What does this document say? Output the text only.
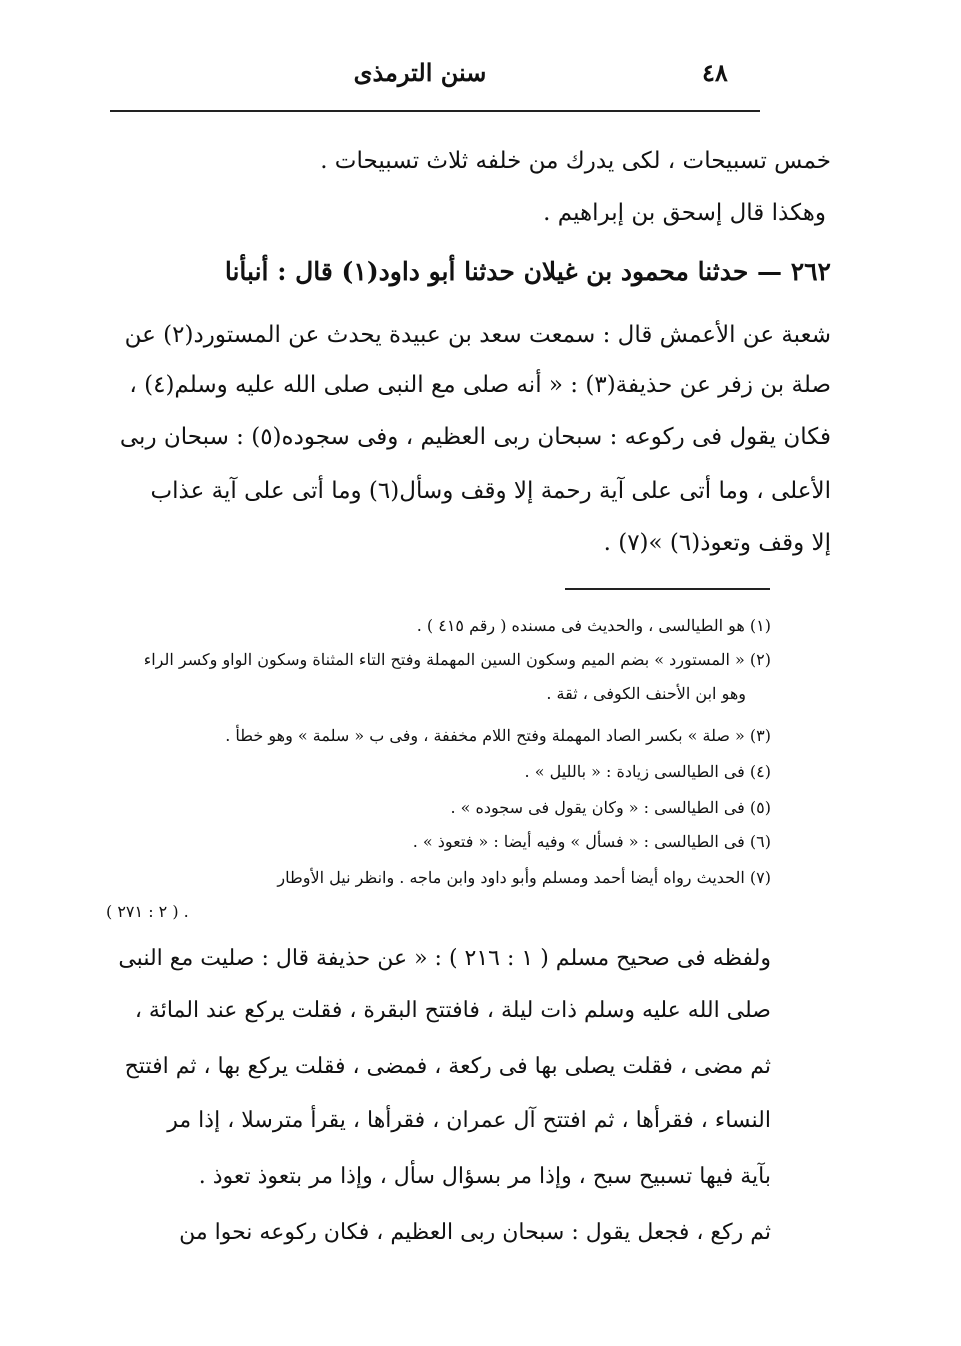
٤٨
سنن الترمذى
خمس تسبيحات ، لكى يدرك من خلفه ثلاث تسبيحات .
وهكذا قال إسحق بن إبراهيم .
٢٦٢ — حدثنا محمود بن غيلان حدثنا أبو داود(١) قال : أنبأنا
شعبة عن الأعمش قال : سمعت سعد بن عبيدة يحدث عن المستورد(٢) عن
صلة بن زفر عن حذيفة(٣) : « أنه صلى مع النبى صلى الله عليه وسلم(٤) ،
فكان يقول فى ركوعه : سبحان ربى العظيم ، وفى سجوده(٥) : سبحان ربى
الأعلى ، وما أتى على آية رحمة إلا وقف وسأل(٦) وما أتى على آية عذاب
إلا وقف وتعوذ(٦) »(٧) .
(١) هو الطيالسى ، والحديث فى مسنده ( رقم ٤١٥ ) .
(٢) « المستورد » بضم الميم وسكون السين المهملة وفتح التاء المثناة وسكون الواو وكسر الراء
وهو ابن الأحنف الكوفى ، ثقة .
(٣) « صلة » بكسر الصاد المهملة وفتح اللام مخففة ، وفى ب « سلمة » وهو خطأ .
(٤) فى الطيالسى زيادة : « بالليل » .
(٥) فى الطيالسى : « وكان يقول فى سجوده » .
(٦) فى الطيالسى : « فسأل » وفيه أيضا : « فتعوذ » .
(٧) الحديث رواه أيضا أحمد ومسلم وأبو داود وابن ماجه . وانظر نيل الأوطار
( ٢ : ٢٧١ ) .
ولفظه فى صحيح مسلم ( ١ : ٢١٦ ) : « عن حذيفة قال : صليت مع النبى
صلى الله عليه وسلم ذات ليلة ، فافتتح البقرة ، فقلت يركع عند المائة ،
ثم مضى ، فقلت يصلى بها فى ركعة ، فمضى ، فقلت يركع بها ، ثم افتتح
النساء ، فقرأها ، ثم افتتح آل عمران ، فقرأها ، يقرأ مترسلا ، إذا مر
بآية فيها تسبيح سبح ، وإذا مر بسؤال سأل ، وإذا مر بتعوذ تعوذ .
ثم ركع ، فجعل يقول : سبحان ربى العظيم ، فكان ركوعه نحوا من
